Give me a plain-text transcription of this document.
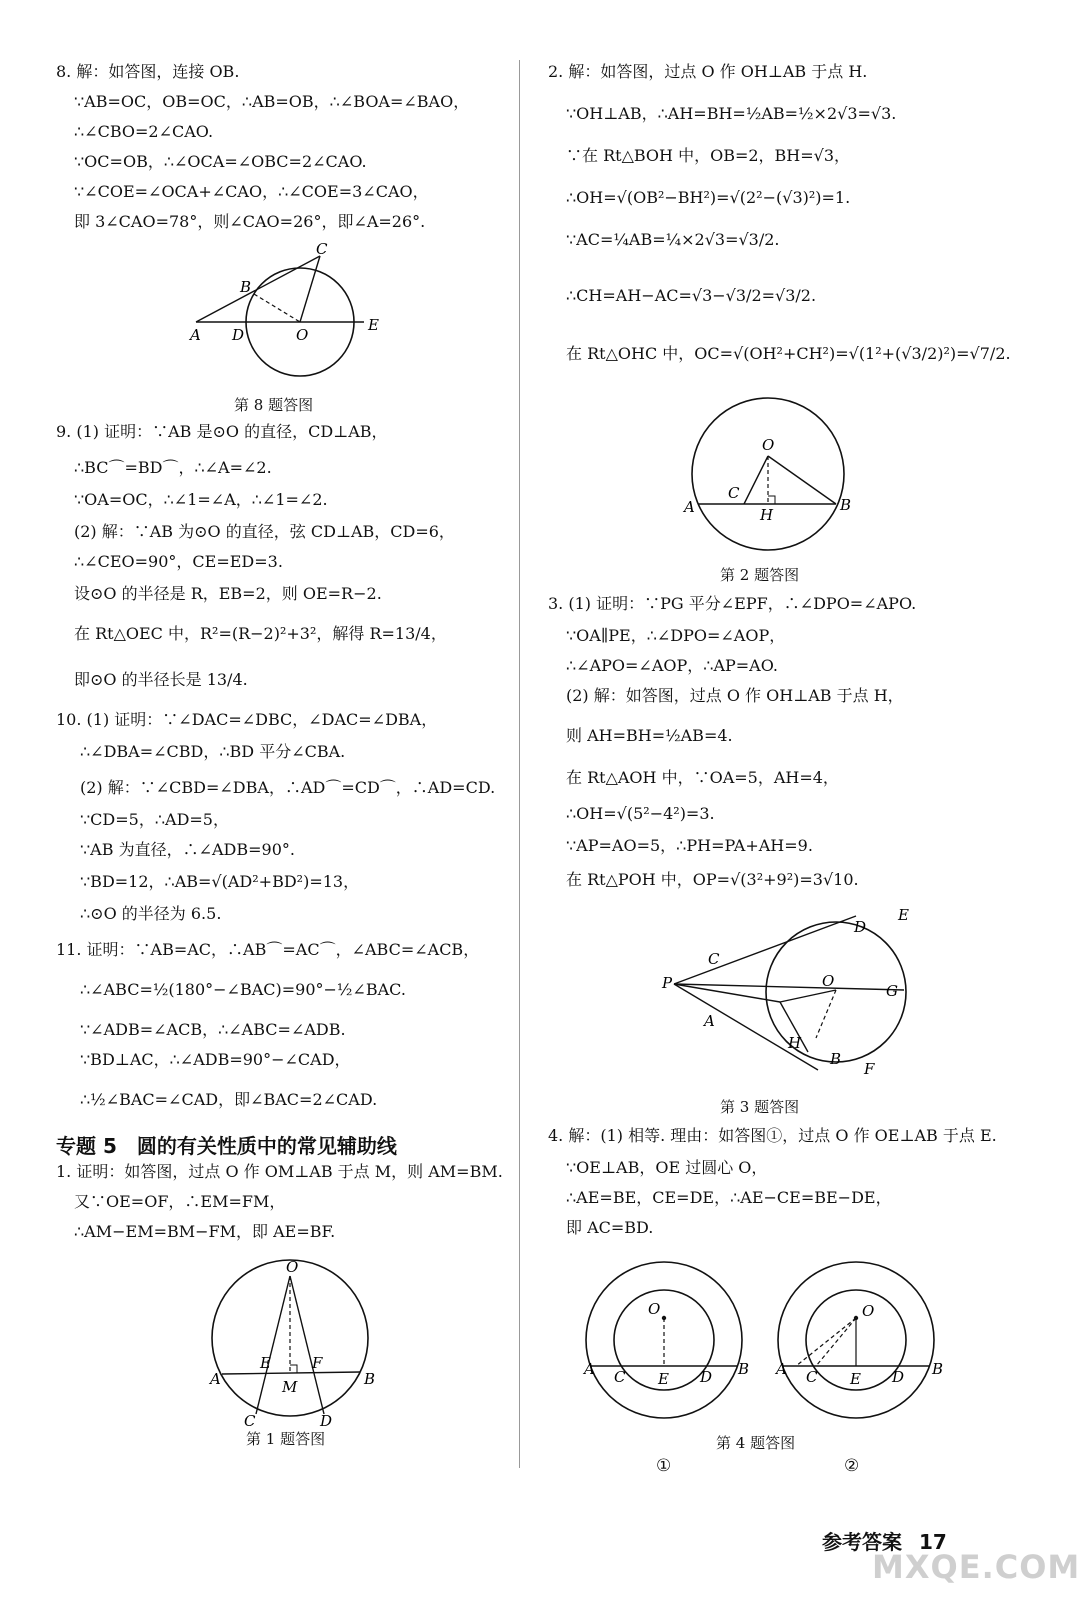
8. 解：如答图，连接 OB.
∵AB=OC，OB=OC，∴AB=OB，∴∠BOA=∠BAO，
∴∠CBO=2∠CAO.
∵OC=OB，∴∠OCA=∠OBC=2∠CAO.
∵∠COE=∠OCA+∠CAO，∴∠COE=3∠CAO，
即 3∠CAO=78°，则∠CAO=26°，即∠A=26°.
A
B
C
D	O
E
第 8 题答图
9. (1) 证明：∵AB 是⊙O 的直径，CD⊥AB，
∴BC⌒=BD⌒，∴∠A=∠2.
∵OA=OC，∴∠1=∠A，∴∠1=∠2.
(2) 解：∵AB 为⊙O 的直径，弦 CD⊥AB，CD=6，
∴∠CEO=90°，CE=ED=3.
设⊙O 的半径是 R，EB=2，则 OE=R−2.
在 Rt△OEC 中，R²=(R−2)²+3²，解得 R=13/4，
即⊙O 的半径长是 13/4.
10. (1) 证明：∵∠DAC=∠DBC，∠DAC=∠DBA，
∴∠DBA=∠CBD，∴BD 平分∠CBA.
(2) 解：∵∠CBD=∠DBA，∴AD⌒=CD⌒，∴AD=CD.
∵CD=5，∴AD=5，
∵AB 为直径，∴∠ADB=90°.
∵BD=12，∴AB=√(AD²+BD²)=13，
∴⊙O 的半径为 6.5.
11. 证明：∵AB=AC，∴AB⌒=AC⌒，∠ABC=∠ACB，
∴∠ABC=½(180°−∠BAC)=90°−½∠BAC.
∵∠ADB=∠ACB，∴∠ABC=∠ADB.
∵BD⊥AC，∴∠ADB=90°−∠CAD，
∴½∠BAC=∠CAD，即∠BAC=2∠CAD.
专题 5　圆的有关性质中的常见辅助线
1. 证明：如答图，过点 O 作 OM⊥AB 于点 M，则 AM=BM.
又∵OE=OF，∴EM=FM，
∴AM−EM=BM−FM，即 AE=BF.
O
E	F
A	M	B
C	D
第 1 题答图
2. 解：如答图，过点 O 作 OH⊥AB 于点 H.
∵OH⊥AB，∴AH=BH=½AB=½×2√3=√3.
∵在 Rt△BOH 中，OB=2，BH=√3，
∴OH=√(OB²−BH²)=√(2²−(√3)²)=1.
∵AC=¼AB=¼×2√3=√3/2.
∴CH=AH−AC=√3−√3/2=√3/2.
在 Rt△OHC 中，OC=√(OH²+CH²)=√(1²+(√3/2)²)=√7/2.
O
C
A	H
B
第 2 题答图
3. (1) 证明：∵PG 平分∠EPF，∴∠DPO=∠APO.
∵OA∥PE，∴∠DPO=∠AOP，
∴∠APO=∠AOP，∴AP=AO.
(2) 解：如答图，过点 O 作 OH⊥AB 于点 H，
则 AH=BH=½AB=4.
在 Rt△AOH 中，∵OA=5，AH=4，
∴OH=√(5²−4²)=3.
∵AP=AO=5，∴PH=PA+AH=9.
在 Rt△POH 中，OP=√(3²+9²)=3√10.
P
C
D
E
O
G
A
H
B
F
第 3 题答图
4. 解：(1) 相等. 理由：如答图①，过点 O 作 OE⊥AB 于点 E.
∵OE⊥AB，OE 过圆心 O，
∴AE=BE，CE=DE，∴AE−CE=BE−DE，
即 AC=BD.
O
A C E D B
①
O
A C E D B
②
第 4 题答图
参考答案 17
MXQE.COM
